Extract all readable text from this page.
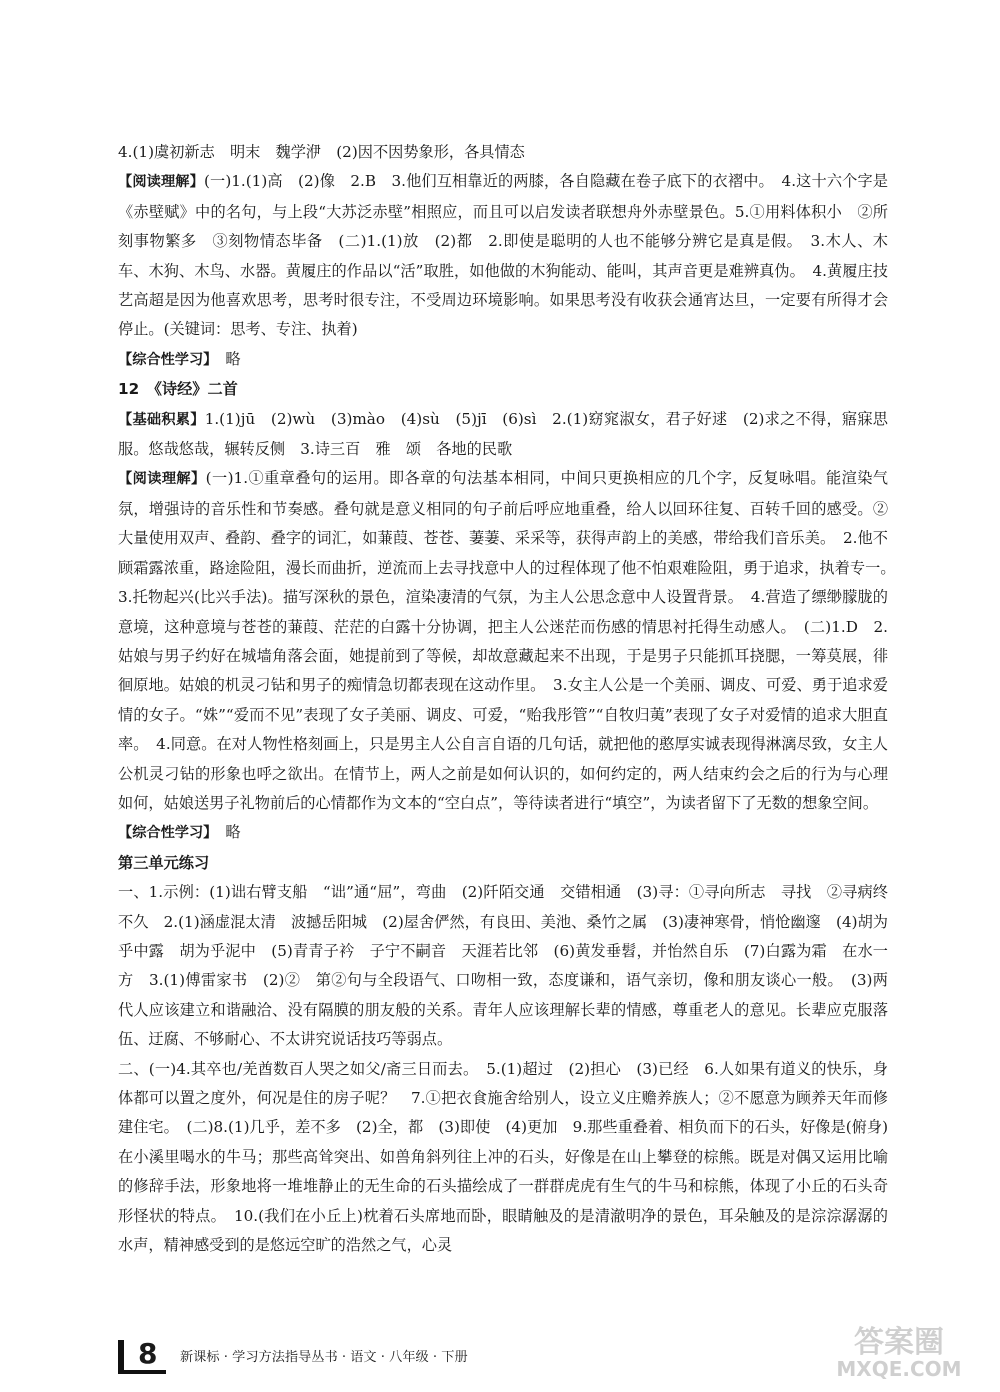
4.(1)虞初新志　明末　魏学洢　(2)因不因势象形，各具情态

【阅读理解】(一)1.(1)高　(2)像　2.B　3.他们互相靠近的两膝，各自隐藏在卷子底下的衣褶中。　4.这十六个字是《赤壁赋》中的名句，与上段“大苏泛赤壁”相照应，而且可以启发读者联想舟外赤壁景色。5.①用料体积小　②所刻事物繁多　③刻物情态毕备　(二)1.(1)放　(2)都　2.即使是聪明的人也不能够分辨它是真是假。　3.木人、木车、木狗、木鸟、水器。黄履庄的作品以“活”取胜，如他做的木狗能动、能叫，其声音更是难辨真伪。　4.黄履庄技艺高超是因为他喜欢思考，思考时很专注，不受周边环境影响。如果思考没有收获会通宵达旦，一定要有所得才会停止。(关键词：思考、专注、执着)

【综合性学习】　略

12　《诗经》二首

【基础积累】1.(1)jū　(2)wù　(3)mào　(4)sù　(5)jī　(6)sì　2.(1)窈窕淑女，君子好逑　(2)求之不得，寤寐思服。悠哉悠哉，辗转反侧　3.诗三百　雅　颂　各地的民歌

【阅读理解】(一)1.①重章叠句的运用。即各章的句法基本相同，中间只更换相应的几个字，反复咏唱。能渲染气氛，增强诗的音乐性和节奏感。叠句就是意义相同的句子前后呼应地重叠，给人以回环往复、百转千回的感受。②大量使用双声、叠韵、叠字的词汇，如蒹葭、苍苍、萋萋、采采等，获得声韵上的美感，带给我们音乐美。　2.他不顾霜露浓重，路途险阻，漫长而曲折，逆流而上去寻找意中人的过程体现了他不怕艰难险阻，勇于追求，执着专一。　3.托物起兴(比兴手法)。描写深秋的景色，渲染凄清的气氛，为主人公思念意中人设置背景。　4.营造了缥缈朦胧的意境，这种意境与苍苍的蒹葭、茫茫的白露十分协调，把主人公迷茫而伤感的情思衬托得生动感人。　(二)1.D　2.姑娘与男子约好在城墙角落会面，她提前到了等候，却故意藏起来不出现，于是男子只能抓耳挠腮，一筹莫展，徘徊原地。姑娘的机灵刁钻和男子的痴情急切都表现在这动作里。　3.女主人公是一个美丽、调皮、可爱、勇于追求爱情的女子。“姝”“爱而不见”表现了女子美丽、调皮、可爱，“贻我彤管”“自牧归荑”表现了女子对爱情的追求大胆直率。　4.同意。在对人物性格刻画上，只是男主人公自言自语的几句话，就把他的憨厚实诚表现得淋漓尽致，女主人公机灵刁钻的形象也呼之欲出。在情节上，两人之前是如何认识的，如何约定的，两人结束约会之后的行为与心理如何，姑娘送男子礼物前后的心情都作为文本的“空白点”，等待读者进行“填空”，为读者留下了无数的想象空间。

【综合性学习】　略

第三单元练习

一、1.示例：(1)诎右臂支船　“诎”通“屈”，弯曲　(2)阡陌交通　交错相通　(3)寻：①寻向所志　寻找　②寻病终　不久　2.(1)涵虚混太清　波撼岳阳城　(2)屋舍俨然，有良田、美池、桑竹之属　(3)凄神寒骨，悄怆幽邃　(4)胡为乎中露　胡为乎泥中　(5)青青子衿　子宁不嗣音　天涯若比邻　(6)黄发垂髫，并怡然自乐　(7)白露为霜　在水一方　3.(1)傅雷家书　(2)②　第②句与全段语气、口吻相一致，态度谦和，语气亲切，像和朋友谈心一般。　(3)两代人应该建立和谐融洽、没有隔膜的朋友般的关系。青年人应该理解长辈的情感，尊重老人的意见。长辈应克服落伍、迂腐、不够耐心、不太讲究说话技巧等弱点。

二、(一)4.其卒也/羌酋数百人哭之如父/斋三日而去。　5.(1)超过　(2)担心　(3)已经　6.人如果有道义的快乐，身体都可以置之度外，何况是住的房子呢？　7.①把衣食施舍给别人，设立义庄赡养族人；②不愿意为顾养天年而修建住宅。　(二)8.(1)几乎，差不多　(2)全，都　(3)即使　(4)更加　9.那些重叠着、相负而下的石头，好像是(俯身)在小溪里喝水的牛马；那些高耸突出、如兽角斜列往上冲的石头，好像是在山上攀登的棕熊。既是对偶又运用比喻的修辞手法，形象地将一堆堆静止的无生命的石头描绘成了一群群虎虎有生气的牛马和棕熊，体现了小丘的石头奇形怪状的特点。　10.(我们在小丘上)枕着石头席地而卧，眼睛触及的是清澈明净的景色，耳朵触及的是淙淙潺潺的水声，精神感受到的是悠远空旷的浩然之气，心灵

8 新课标 · 学习方法指导丛书 · 语文 · 八年级 · 下册	答案圈
MXQE.COM
